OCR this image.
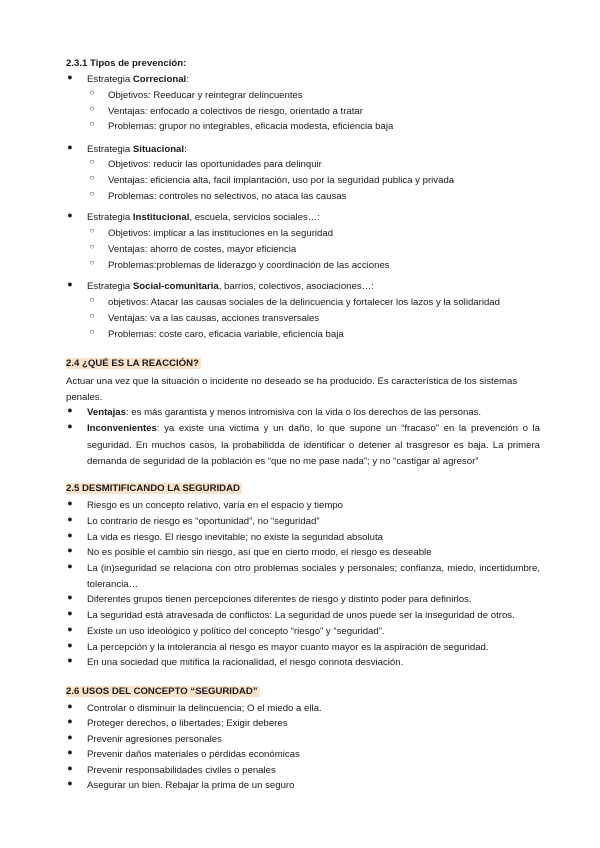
2.3.1 Tipos de prevención:
● Estrategia Correcional:
○ Objetivos: Reeducar y reintegrar delincuentes
○ Ventajas: enfocado a colectivos de riesgo, orientado a tratar
○ Problemas: grupor no integrables, eficacia modesta, eficiencia baja
● Estrategia Situacional:
○ Objetivos: reducir las oportunidades para delinquir
○ Ventajas: eficiencia alta, facil implantación, uso por la seguridad publica y privada
○ Problemas: controles no selectivos, no ataca las causas
● Estrategia Institucional, escuela, servicios sociales…:
○ Objetivos: implicar a las instituciones en la seguridad
○ Ventajas: ahorro de costes, mayor eficiencia
○ Problemas:problemas de liderazgo y coordinación de las acciones
● Estrategia Social-comunitaria, barrios, colectivos, asociaciones…:
○ objetivos: Atacar las causas sociales de la delincuencia y fortalecer los lazos y la solidaridad
○ Ventajas: va a las causas, acciones transversales
○ Problemas: coste caro, eficacia variable, eficiencia baja
2.4 ¿QUÉ ES LA REACCIÓN?
Actuar una vez que la situación o incidente no deseado se ha producido. Es característica de los sistemas penales.
● Ventajas: es más garantista y menos intromisiva con la vida o los derechos de las personas.
● Inconvenientes: ya existe una victima y un daño, lo que supone un “fracaso” en la prevención o la seguridad. En muchos casos, la probabilidda de identificar o detener al trasgresor es baja. La primera demanda de seguridad de la población es “que no me pase nada”; y no “castigar al agresor”
2.5 DESMITIFICANDO LA SEGURIDAD
● Riesgo es un concepto relativo, varía en el espacio y tiempo
● Lo contrario de riesgo es “oportunidad”, no “seguridad”
● La vida es riesgo. El riesgo inevitable; no existe la seguridad absoluta
● No es posible el cambio sin riesgo, así que en cierto modo, el riesgo es deseable
● La (in)seguridad se relaciona con otro problemas sociales y personales; confianza, miedo, incertidumbre, tolerancia…
● Diferentes grupos tienen percepciones diferentes de riesgo y distinto poder para definirlos.
● La seguridad está atravesada de conflictos: La seguridad de unos puede ser la inseguridad de otros.
● Existe un uso ideológico y político del concepto “riesgo” y “seguridad”.
● La percepción y la intolerancia al riesgo es mayor cuanto mayor es la aspiración de seguridad.
● En una sociedad que mitifica la racionalidad, el riesgo connota desviación.
2.6 USOS DEL CONCEPTO “SEGURIDAD”
● Controlar o disminuir la delincuencia; O el miedo a ella.
● Proteger derechos, o libertades; Exigir deberes
● Prevenir agresiones personales
● Prevenir daños materiales o pérdidas económicas
● Prevenir responsabilidades civiles o penales
● Asegurar un bien. Rebajar la prima de un seguro
